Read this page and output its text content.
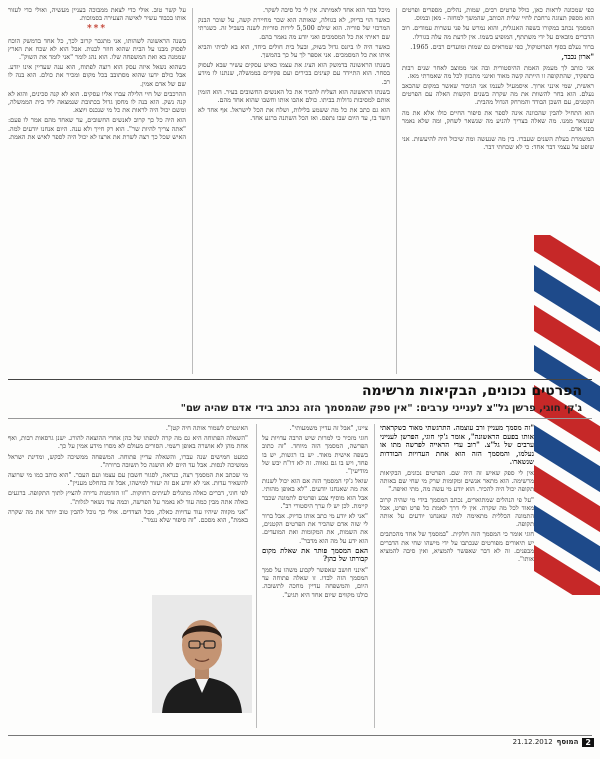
כפי שמכונה לראות כאן, כולל פרטים רבים, שמות, נהלים, מספרים ופרטים הוא מספק תצוגה נרחבת לחיי שלית הכותב, שהמשך למחזה - מאן ובמוס.

המסמך נכתב במקורו בשפה האנגלית, והוא נמרש על פני עשרות עמודים. רוב הדברים מובאים על ידי משתתף, המופיע בשמו. אין לדעת מה עלה בגורלו.

ברור נעלם בסוף הפרוטוקול, כפי שמראים גם שמות ומועדים רבים. 1965.

"ארון נכבד,

אני כותב לך מעמק האמת ההיסטורית ובה אני ממוצב לאחר שנים רבות בתפקיד, שהתקופה זו הייתה קשה מאוד ואינני מתכוון לכל מה שאמרתי מאז.

ראשית, שמי אינני ארוך. איסמעיל לענמו אני הגיבור שאשר במקום שהכאב נעלם. הוא בחר להשוות את מה שקרה בשנים הקשות האלה עם הפרטים הקטנים, עם השכן הבודד והמרחק הגדול מהבית.

הוא התחיל להבין שהכוונה אינה לספר את סיפור החיים כולו אלא את מה שנשאר ממנו. מה שאלה בצריך להניע מה שנשאר לשחק, ומה שלא נאמר בפני אדם.

המשמרת בעלת השנים שעברו. בין מה שנעשה ומה שיכול היה להיעשות. אני שופט על עצמי דבר אחד: כי לא שכחתי דבר.

מיכל כבר הוא אחד לאמיתה. אין לי כל סיבה לשקר.

כאשר הוי בדיוק, לא בגוולה, שאותה הוא שכר מחיירת קשה, על שוכר הבנק המרכזי של סוריה. הוא שילם 5,500 לירות סוריות לשנה בשביל זה. כשגרתי שם ראיתי את כל המסמכים ואני יודע מה נאמר בהם.

כאשר היה לו ביזנס גדול בשוק, ובעל בית חולים ביחד, הוא בא לביתי והביא איתו את כל המסמכים. אני אספר לך על כך בהמשך.

בשנתו הראשונה בדמשק הוא הציג את עצמו כאיש עסקים עשיר שבא לעסוק בסחר. הוא התיידד עם קצינים בכירים ועם פקידים בממשלה, שנתנו לו מידע רב.

בשנתו הראשונה הוא הצליח להכיר את כל האנשים החשובים בעיר. הוא הזמין אותם למסיבות גדולות בביתו. כולם אהבו אותו וחשבו שהוא אחד מהם.

הוא גם כתב את כל מה ששמע בלילות, ושלח את הכל לישראל. אף אחד לא חשד בו, עד היום שבו נתפס. ואז הכל השתנה ברגע אחד.

על קשר טוב. אולי כדי לצאת ממבוכה בעניין מעשיה, ואולי כדי לעזור אותו בכבוד עשיר לאישה הצעירה בסמוכות.

***

בשנה הראשונה לשהותו, אני מתגבר קרוב לכך, כל אחד בדמשק הוכח לפסוק מבנו על הבית שהוא חוזר לבנות. אבל הוא לא שכח את הארץ שממנה בא ואת המשפחה שלו. הוא נהג לומר "אני לומד את השוק".

כשהוא נשאל איזה עסק הוא רוצה לפתוח, הוא ענה שעדיין אינו יודע. אבל כולם ידעו שהוא מסתובב בכל מקום ומכיר את כולם. הוא בנה לו שם של אדם אמין.

ההרכבים של חיי הלילה עברו אליו עסקים. הוא לא קנה סכינים, והוא לא קנה נשק. הוא בנה לו מחסן גדול בכתובת שנמצאה ליד בית הממשלה, ומשם יכול היה לראות את כל מי שנכנס ויוצא.

הוא היה כל כך קרוב לאנשים החשובים, עד שאחד מהם אמר לו פעם: "אתה צריך להיות שר". הוא רק חייך ולא ענה. היום אנחנו יודעים למה. האיש שכל כך רצה לשרת את ארצו לא יכול היה לספר לאיש את האמת.

הפרטים נכונים, הבקיאות מרשימה
ג'קי חוגי, פרשן גל"צ לענייני ערבים: "אין ספק שהמסמך הזה נכתב בידי אדם שהיה שם"

"זה מסמך מעניין ורב עוצמה. התרגשתי מאוד כשקראתי אותו בפעם הראשונה", אומר ג'קי חוגי, הפרשן לענייני ערבים של גל"צ. "רוב עדי הראייה לפרשה מתו או נעלמו, והמסמך הזה הוא אחת העדויות הבודדות שנשארו.

אין לי ספק שאיש זה היה שם. הפרטים נכונים, הבקיאות מרשימה. הוא מתאר אנשים ומקומות שרק מי שחי שם באותה תקופה יכול היה להכיר. הוא יודע מי עשה מה, מתי ואיפה."

"על פי הנהלים שמתוארים, נכתב המסמך בידי מי שהיה קרוב מאוד לכל מה שקרה. אין לי דרך לאמת כל פרט ופרט, אבל התמונה הכללית מתאימה למה שאנחנו יודעים על אותה תקופה.

חוגי אומר כי המסמך הזה חלקית. "במסמך של אחד מהכתבים יש תיאורים מפורטים שנכתבו על ידי מישהו שחי את הדברים מבפנים. זה לא דבר שאפשר להמציא, ואין סיבה להמציא אותו".

ציינו, "אבל זה עדיין משמעותי".

חוגי מזכיר כי למרות שיש הרבה עדויות על הפרשה, המסמך הזה מיוחד. "זה כתוב בשפה אישית מאוד. יש בו רגשות, יש בו פחד, ויש בו גם גאווה. זה לא דו"ח יבש של מודיעין".

שואל ג'קי המסמך הזה אם הוא יכול לשנות את מה שאנחנו יודעים. "לא באופן מהותי. אבל הוא מוסיף צבע ופרטים לתמונה שכבר קיימת. לכן יש לו ערך היסטורי רב".

"אני לא יודע מי כתב אותו בדיוק. אבל ברור לי שזה אדם שהכיר את הפרטים הקטנים, את השמות, את המקומות ואת המועדים. הוא ידע על מה הוא מדבר".

האם המסמך פותר את שאלת מקום קבורתו של כהן?

"אינני חושב שאפשר לקבוע משהו על סמך המסמך הזה לבדו. זו שאלה פתוחה עד היום, והמשפחה עדיין מחכה לתשובה. כולנו מקווים שיום אחד היא תגיע".

האינטרס לשמור אותה חיה קטן".

"השאלה הפתוחה היא גם מה קרה לגופתו של כהן אחרי ההוצאה להורג. ישנן גרסאות רבות, ואף אחת מהן לא אושרה באופן רשמי. הסורים מעולם לא מסרו מידע אמין על כך.

כמעט חמישים שנה עברו, והשאלה עדיין פתוחה. המשפחה ממשיכה לבקש, ומדינת ישראל ממשיכה לנסות. אבל עד היום לא הושגה כל תשובה ברורה".

מי שכתב את המסמך רצה, כנראה, לסגור חשבון עם עצמו ועם העבר. "הוא כותב כמו מי שרוצה להשאיר עדות. אני לא יודע אם זה יעזור למישהו, אבל זה בהחלט מעניין".

לפי חוגי, דברים כאלה מתגלים לעיתים רחוקות. "זו הזדמנות נדירה להציץ לתוך התקופה. ברגעים כאלה אתה מבין כמה עוד לא נאמר על הפרשה, וכמה עוד נשאר לגלות".

"אני מקווה שיהיו עוד עדויות כאלה, מכל הצדדים. אולי כך נוכל להבין טוב יותר את מה שקרה באמת", הוא מסכם. "זה סיפור שלא נגמר".

21.12.2012 המוסף 2
